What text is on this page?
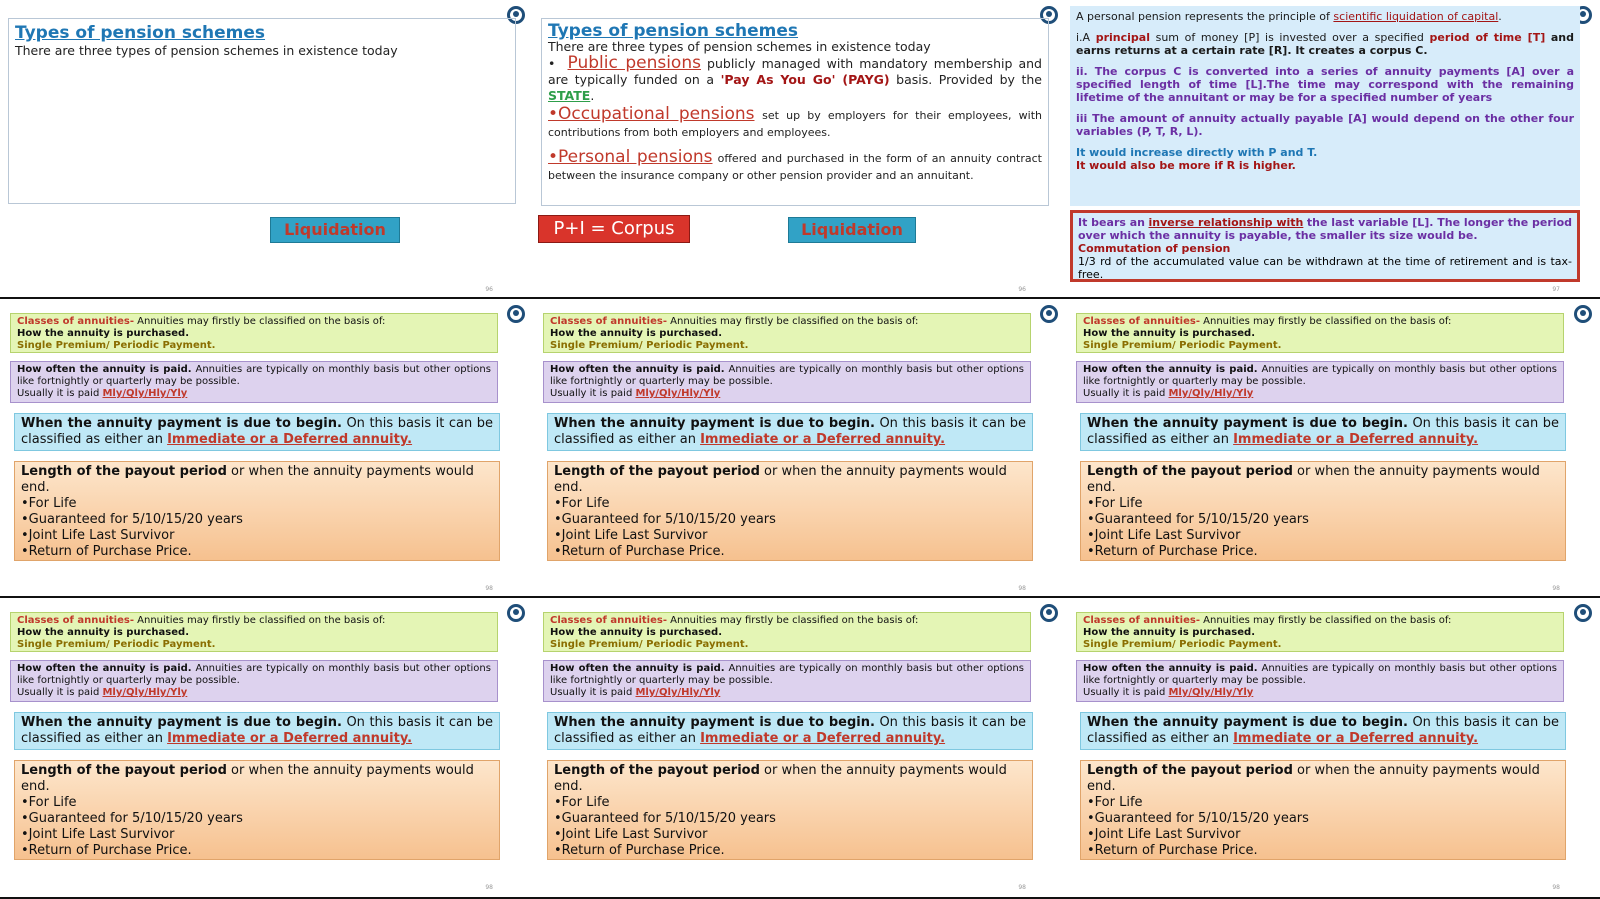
Types of pension schemes
There are three types of pension schemes in existence today
Liquidation
96
Types of pension schemes
There are three types of pension schemes in existence today
•  Public pensions publicly managed with mandatory membership and are typically funded on a 'Pay As You Go' (PAYG) basis. Provided by the STATE.
•Occupational pensions set up by employers for their employees, with contributions from both employers and employees.
•Personal pensions offered and purchased in the form of an annuity contract between the insurance company or other pension provider and an annuitant.
P+I = Corpus	Liquidation
96

A personal pension represents the principle of scientific liquidation of capital.

i.A principal sum of money [P] is invested over a specified period of time [T] and earns returns at a certain rate [R]. It creates a corpus C.

ii. The corpus C is converted into a series of annuity payments [A] over a specified length of time [L].The time may correspond with the remaining lifetime of the annuitant or may be for a specified number of years

iii The amount of annuity actually payable [A] would depend on the other four variables (P, T, R, L).

It would increase directly with P and T.

It would also be more if R is higher.

It bears an inverse relationship with the last variable [L]. The longer the period over which the annuity is payable, the smaller its size would be.
Commutation of pension
1/3 rd of the accumulated value can be withdrawn at the time of retirement and is tax-free.
97
Classes of annuities- Annuities may firstly be classified on the basis of:
How the annuity is purchased.
Single Premium/ Periodic Payment.
How often the annuity is paid. Annuities are typically on monthly basis but other options like fortnightly or quarterly may be possible.
Usually it is paid Mly/Qly/Hly/Yly
When the annuity payment is due to begin. On this basis it can be classified as either an Immediate or a Deferred annuity.
Length of the payout period or when the annuity payments would end.
•For Life
•Guaranteed for 5/10/15/20 years
•Joint Life Last Survivor
•Return of Purchase Price.
98
Classes of annuities- Annuities may firstly be classified on the basis of:
How the annuity is purchased.
Single Premium/ Periodic Payment.
How often the annuity is paid. Annuities are typically on monthly basis but other options like fortnightly or quarterly may be possible.
Usually it is paid Mly/Qly/Hly/Yly
When the annuity payment is due to begin. On this basis it can be classified as either an Immediate or a Deferred annuity.
Length of the payout period or when the annuity payments would end.
•For Life
•Guaranteed for 5/10/15/20 years
•Joint Life Last Survivor
•Return of Purchase Price.
98
Classes of annuities- Annuities may firstly be classified on the basis of:
How the annuity is purchased.
Single Premium/ Periodic Payment.
How often the annuity is paid. Annuities are typically on monthly basis but other options like fortnightly or quarterly may be possible.
Usually it is paid Mly/Qly/Hly/Yly
When the annuity payment is due to begin. On this basis it can be classified as either an Immediate or a Deferred annuity.
Length of the payout period or when the annuity payments would end.
•For Life
•Guaranteed for 5/10/15/20 years
•Joint Life Last Survivor
•Return of Purchase Price.
98
Classes of annuities- Annuities may firstly be classified on the basis of:
How the annuity is purchased.
Single Premium/ Periodic Payment.
How often the annuity is paid. Annuities are typically on monthly basis but other options like fortnightly or quarterly may be possible.
Usually it is paid Mly/Qly/Hly/Yly
When the annuity payment is due to begin. On this basis it can be classified as either an Immediate or a Deferred annuity.
Length of the payout period or when the annuity payments would end.
•For Life
•Guaranteed for 5/10/15/20 years
•Joint Life Last Survivor
•Return of Purchase Price.
98
Classes of annuities- Annuities may firstly be classified on the basis of:
How the annuity is purchased.
Single Premium/ Periodic Payment.
How often the annuity is paid. Annuities are typically on monthly basis but other options like fortnightly or quarterly may be possible.
Usually it is paid Mly/Qly/Hly/Yly
When the annuity payment is due to begin. On this basis it can be classified as either an Immediate or a Deferred annuity.
Length of the payout period or when the annuity payments would end.
•For Life
•Guaranteed for 5/10/15/20 years
•Joint Life Last Survivor
•Return of Purchase Price.
98
Classes of annuities- Annuities may firstly be classified on the basis of:
How the annuity is purchased.
Single Premium/ Periodic Payment.
How often the annuity is paid. Annuities are typically on monthly basis but other options like fortnightly or quarterly may be possible.
Usually it is paid Mly/Qly/Hly/Yly
When the annuity payment is due to begin. On this basis it can be classified as either an Immediate or a Deferred annuity.
Length of the payout period or when the annuity payments would end.
•For Life
•Guaranteed for 5/10/15/20 years
•Joint Life Last Survivor
•Return of Purchase Price.
98
